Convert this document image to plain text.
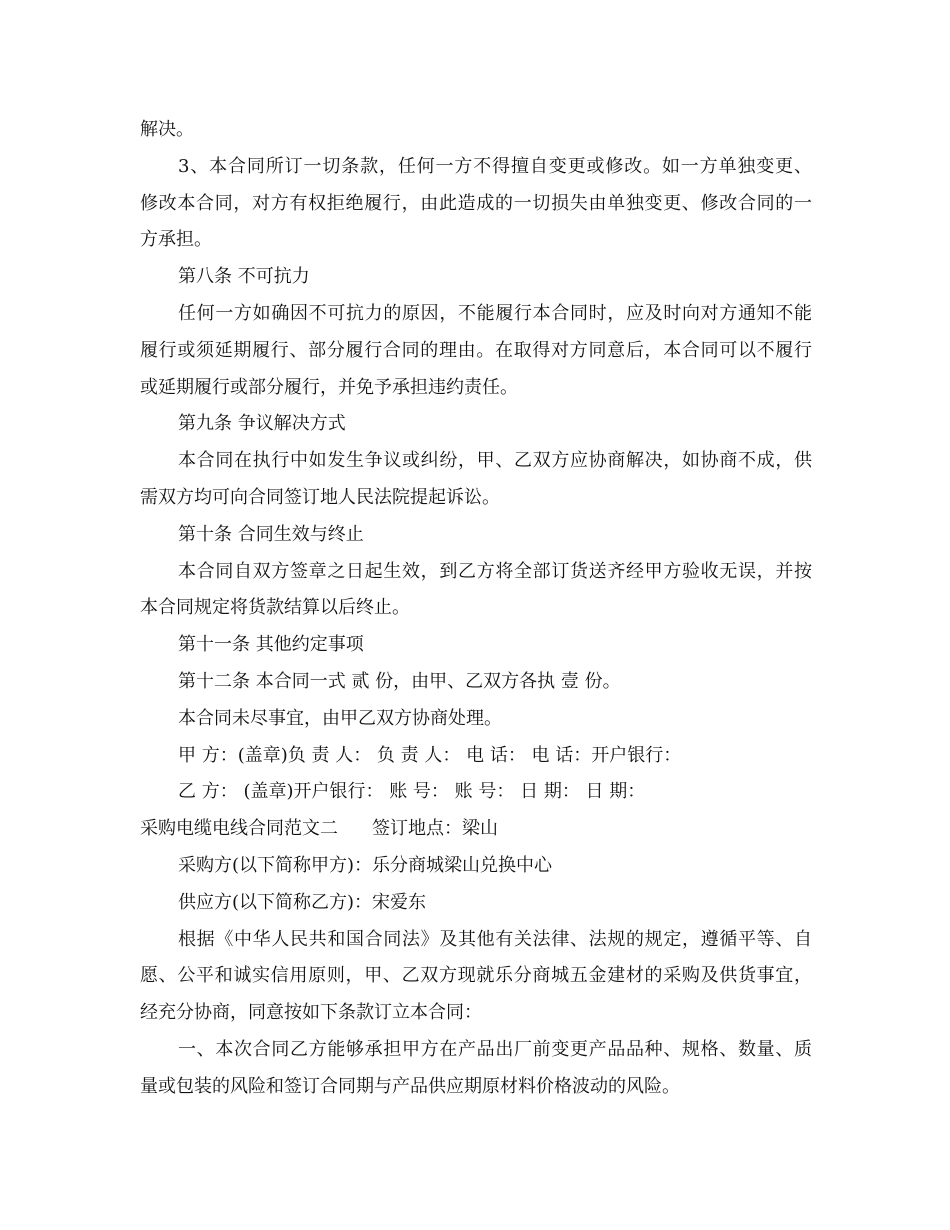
解决。
3、本合同所订一切条款，任何一方不得擅自变更或修改。如一方单独变更、
修改本合同，对方有权拒绝履行，由此造成的一切损失由单独变更、修改合同的一
方承担。
第八条 不可抗力
任何一方如确因不可抗力的原因，不能履行本合同时，应及时向对方通知不能
履行或须延期履行、部分履行合同的理由。在取得对方同意后，本合同可以不履行
或延期履行或部分履行，并免予承担违约责任。
第九条 争议解决方式
本合同在执行中如发生争议或纠纷，甲、乙双方应协商解决，如协商不成，供
需双方均可向合同签订地人民法院提起诉讼。
第十条 合同生效与终止
本合同自双方签章之日起生效，到乙方将全部订货送齐经甲方验收无误，并按
本合同规定将货款结算以后终止。
第十一条 其他约定事项
第十二条 本合同一式 贰 份，由甲、乙双方各执 壹 份。
本合同未尽事宜，由甲乙双方协商处理。
甲 方：(盖章)负 责 人： 负 责 人： 电 话： 电 话：开户银行：
乙 方： (盖章)开户银行： 账 号： 账 号： 日 期： 日 期：
采购电缆电线合同范文二 签订地点：梁山
采购方(以下简称甲方)：乐分商城梁山兑换中心
供应方(以下简称乙方)：宋爱东
根据《中华人民共和国合同法》及其他有关法律、法规的规定，遵循平等、自
愿、公平和诚实信用原则，甲、乙双方现就乐分商城五金建材的采购及供货事宜，
经充分协商，同意按如下条款订立本合同：
一、本次合同乙方能够承担甲方在产品出厂前变更产品品种、规格、数量、质
量或包装的风险和签订合同期与产品供应期原材料价格波动的风险。
